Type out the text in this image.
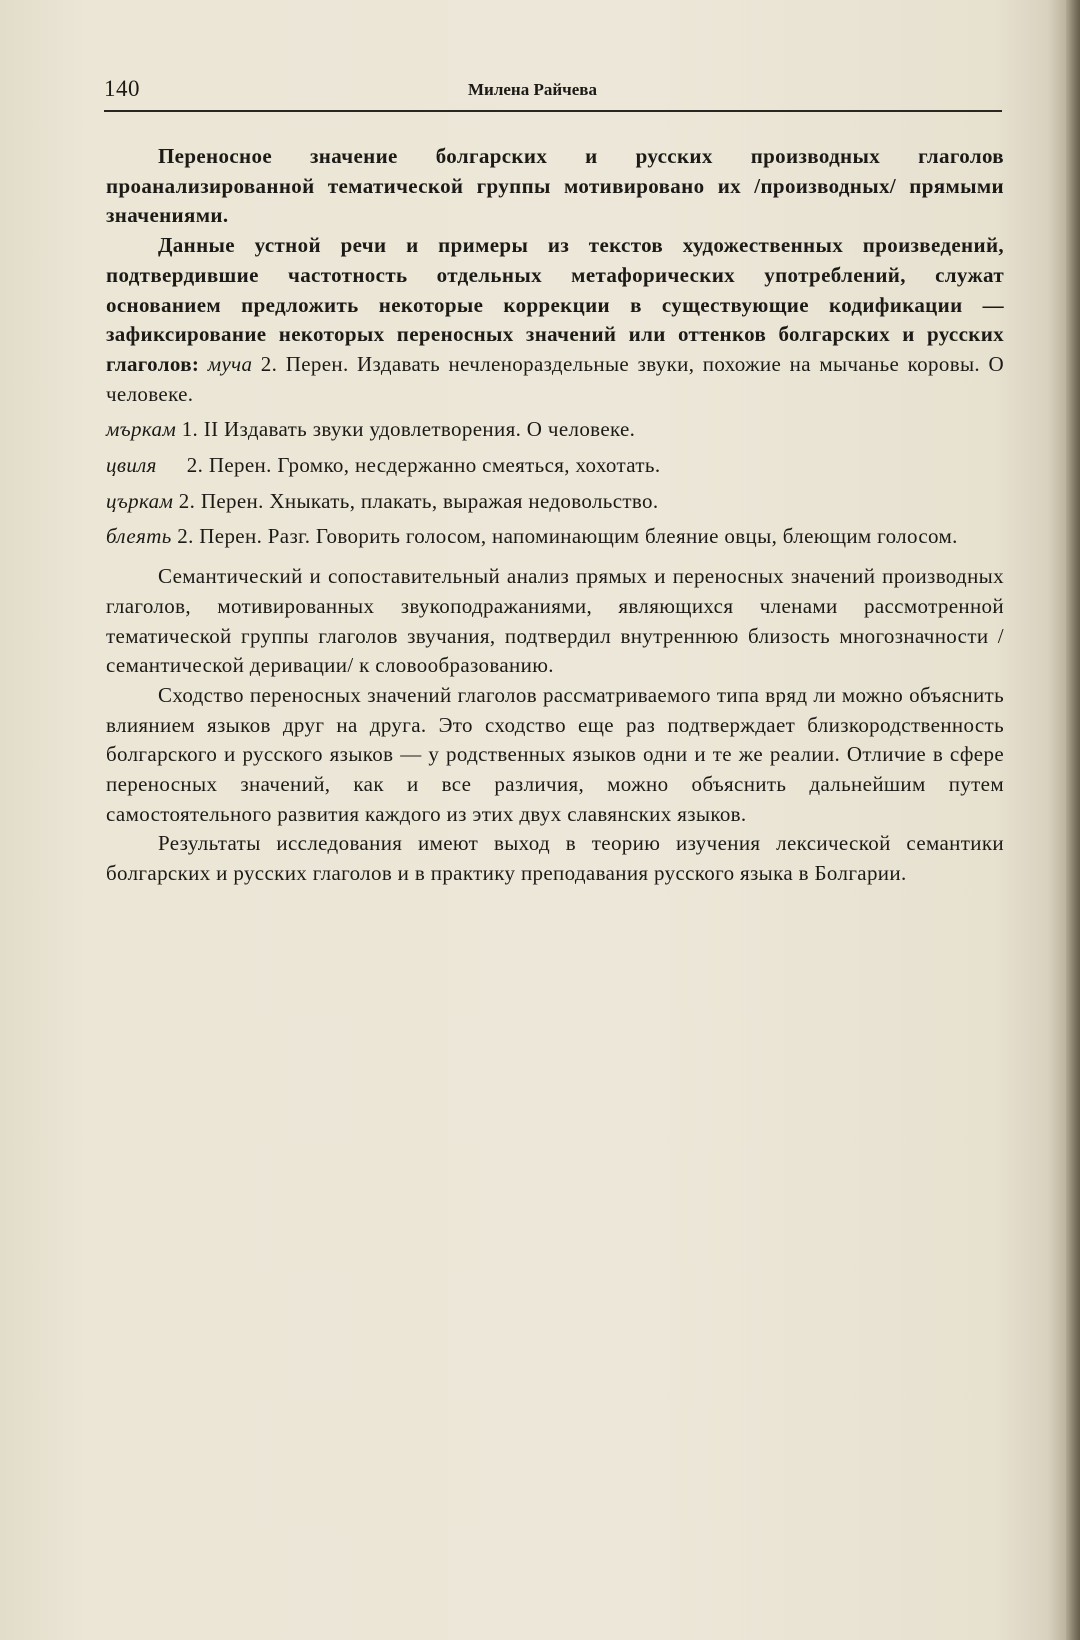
140	Милена Райчева

Переносное значение болгарских и русских производных глаголов проанализированной тематической группы мотивировано их /производных/ прямыми значениями.

Данные устной речи и примеры из текстов художественных произведений, подтвердившие частотность отдельных метафорических употреблений, служат основанием предложить некоторые коррекции в существующие кодификации — зафиксирование некоторых переносных значений или оттенков болгарских и русских глаголов: муча 2. Перен. Издавать нечленораздельные звуки, похожие на мычанье коровы. О человеке.

мъркам 1. II Издавать звуки удовлетворения. О человеке.

цвиля 2. Перен. Громко, несдержанно смеяться, хохотать.

църкам 2. Перен. Хныкать, плакать, выражая недовольство.

блеять 2. Перен. Разг. Говорить голосом, напоминающим блеяние овцы, блеющим голосом.

Семантический и сопоставительный анализ прямых и переносных значений производных глаголов, мотивированных звукоподражаниями, являющихся членами рассмотренной тематической группы глаголов звучания, подтвердил внутреннюю близость многозначности /семантической деривации/ к словообразованию.

Сходство переносных значений глаголов рассматриваемого типа вряд ли можно объяснить влиянием языков друг на друга. Это сходство еще раз подтверждает близкородственность болгарского и русского языков — у родственных языков одни и те же реалии. Отличие в сфере переносных значений, как и все различия, можно объяснить дальнейшим путем самостоятельного развития каждого из этих двух славянских языков.

Результаты исследования имеют выход в теорию изучения лексической семантики болгарских и русских глаголов и в практику преподавания русского языка в Болгарии.
